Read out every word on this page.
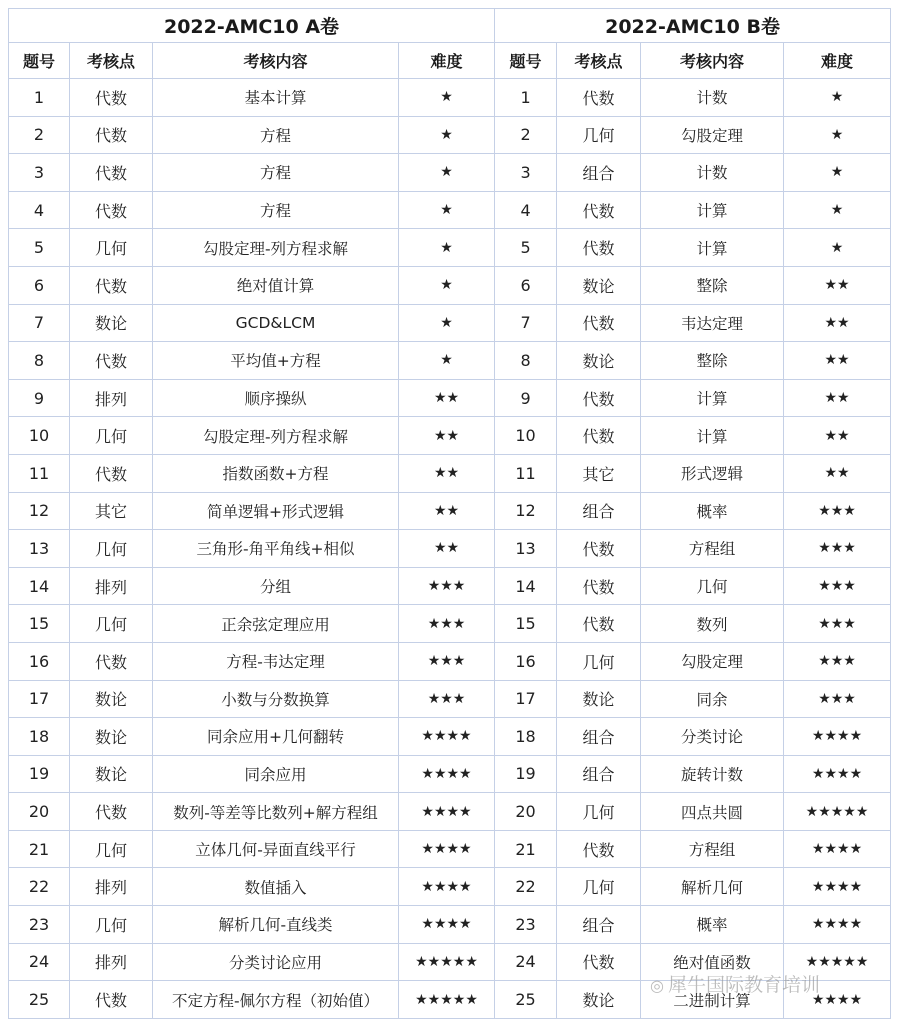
2022-AMC10 A卷				2022-AMC10 B卷			
题号	考核点	考核内容	难度	题号	考核点	考核内容	难度
1	代数	基本计算	★	1	代数	计数	★
2	代数	方程	★	2	几何	勾股定理	★
3	代数	方程	★	3	组合	计数	★
4	代数	方程	★	4	代数	计算	★
5	几何	勾股定理-列方程求解	★	5	代数	计算	★
6	代数	绝对值计算	★	6	数论	整除	★★
7	数论	GCD&LCM	★	7	代数	韦达定理	★★
8	代数	平均值+方程	★	8	数论	整除	★★
9	排列	顺序操纵	★★	9	代数	计算	★★
10	几何	勾股定理-列方程求解	★★	10	代数	计算	★★
11	代数	指数函数+方程	★★	11	其它	形式逻辑	★★
12	其它	简单逻辑+形式逻辑	★★	12	组合	概率	★★★
13	几何	三角形-角平角线+相似	★★	13	代数	方程组	★★★
14	排列	分组	★★★	14	代数	几何	★★★
15	几何	正余弦定理应用	★★★	15	代数	数列	★★★
16	代数	方程-韦达定理	★★★	16	几何	勾股定理	★★★
17	数论	小数与分数换算	★★★	17	数论	同余	★★★
18	数论	同余应用+几何翻转	★★★★	18	组合	分类讨论	★★★★
19	数论	同余应用	★★★★	19	组合	旋转计数	★★★★
20	代数	数列-等差等比数列+解方程组	★★★★	20	几何	四点共圆	★★★★★
21	几何	立体几何-异面直线平行	★★★★	21	代数	方程组	★★★★
22	排列	数值插入	★★★★	22	几何	解析几何	★★★★
23	几何	解析几何-直线类	★★★★	23	组合	概率	★★★★
24	排列	分类讨论应用	★★★★★	24	代数	绝对值函数	★★★★★
25	代数	不定方程-佩尔方程（初始值）	★★★★★	25	数论	二进制计算	★★★★
◎ 犀牛国际教育培训
